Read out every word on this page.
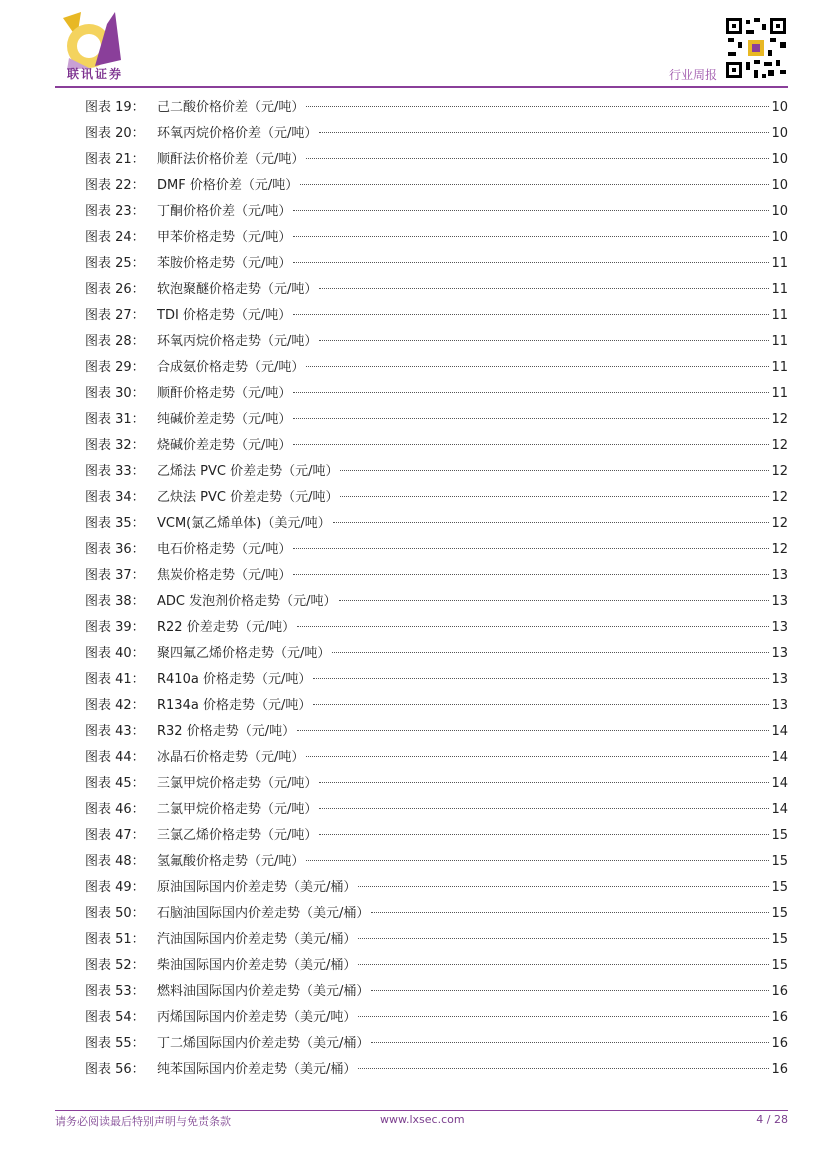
联讯证券	行业周报
图表 19： 己二酸价格价差（元/吨）	10
图表 20： 环氧丙烷价格价差（元/吨）	10
图表 21： 顺酐法价格价差（元/吨）	10
图表 22： DMF 价格价差（元/吨）	10
图表 23： 丁酮价格价差（元/吨）	10
图表 24： 甲苯价格走势（元/吨）	10
图表 25： 苯胺价格走势（元/吨）	11
图表 26： 软泡聚醚价格走势（元/吨）	11
图表 27： TDI 价格走势（元/吨）	11
图表 28： 环氧丙烷价格走势（元/吨）	11
图表 29： 合成氨价格走势（元/吨）	11
图表 30： 顺酐价格走势（元/吨）	11
图表 31： 纯碱价差走势（元/吨）	12
图表 32： 烧碱价差走势（元/吨）	12
图表 33： 乙烯法 PVC 价差走势（元/吨）	12
图表 34： 乙炔法 PVC 价差走势（元/吨）	12
图表 35： VCM(氯乙烯单体)（美元/吨）	12
图表 36： 电石价格走势（元/吨）	12
图表 37： 焦炭价格走势（元/吨）	13
图表 38： ADC 发泡剂价格走势（元/吨）	13
图表 39： R22 价差走势（元/吨）	13
图表 40： 聚四氟乙烯价格走势（元/吨）	13
图表 41： R410a 价格走势（元/吨）	13
图表 42： R134a 价格走势（元/吨）	13
图表 43： R32 价格走势（元/吨）	14
图表 44： 冰晶石价格走势（元/吨）	14
图表 45： 三氯甲烷价格走势（元/吨）	14
图表 46： 二氯甲烷价格走势（元/吨）	14
图表 47： 三氯乙烯价格走势（元/吨）	15
图表 48： 氢氟酸价格走势（元/吨）	15
图表 49： 原油国际国内价差走势（美元/桶）	15
图表 50： 石脑油国际国内价差走势（美元/桶）	15
图表 51： 汽油国际国内价差走势（美元/桶）	15
图表 52： 柴油国际国内价差走势（美元/桶）	15
图表 53： 燃料油国际国内价差走势（美元/桶）	16
图表 54： 丙烯国际国内价差走势（美元/吨）	16
图表 55： 丁二烯国际国内价差走势（美元/桶）	16
图表 56： 纯苯国际国内价差走势（美元/桶）	16
请务必阅读最后特别声明与免责条款	www.lxsec.com	4 / 28
